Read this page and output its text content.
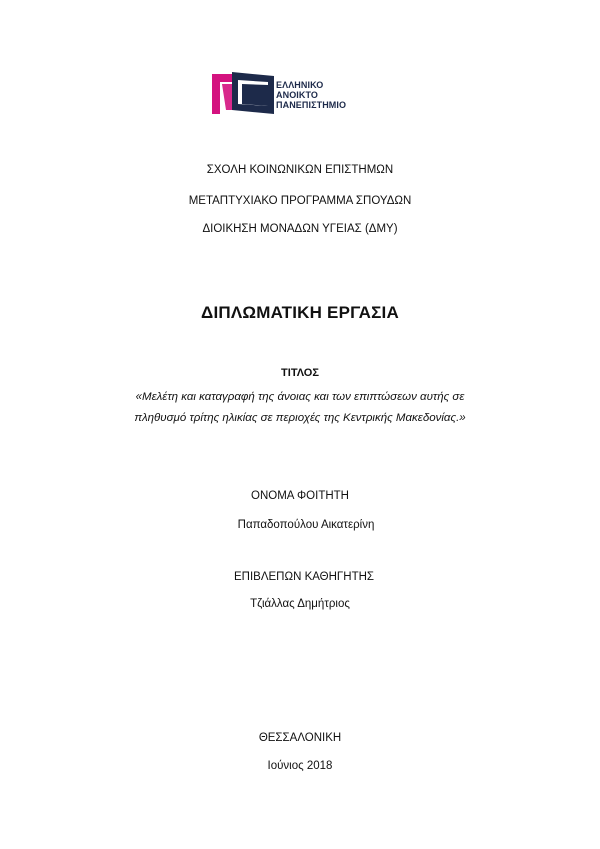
ΕΛΛΗΝΙΚΟ
ΑΝΟΙΚΤΟ
ΠΑΝΕΠΙΣΤΗΜΙΟ
ΣΧΟΛΗ ΚΟΙΝΩΝΙΚΩΝ ΕΠΙΣΤΗΜΩΝ
ΜΕΤΑΠΤΥΧΙΑΚΟ ΠΡΟΓΡΑΜΜΑ ΣΠΟΥΔΩΝ
ΔΙΟΙΚΗΣΗ ΜΟΝΑΔΩΝ ΥΓΕΙΑΣ (ΔΜΥ)
ΔΙΠΛΩΜΑΤΙΚΗ ΕΡΓΑΣΙΑ
ΤΙΤΛΟΣ
«Μελέτη και καταγραφή της άνοιας και των επιπτώσεων αυτής σε
πληθυσμό τρίτης ηλικίας σε περιοχές της Κεντρικής Μακεδονίας.»
ΟΝΟΜΑ ΦΟΙΤΗΤΗ
Παπαδοπούλου Αικατερίνη
ΕΠΙΒΛΕΠΩΝ ΚΑΘΗΓΗΤΗΣ
Τζιάλλας Δημήτριος
ΘΕΣΣΑΛΟΝΙΚΗ
Ιούνιος 2018
